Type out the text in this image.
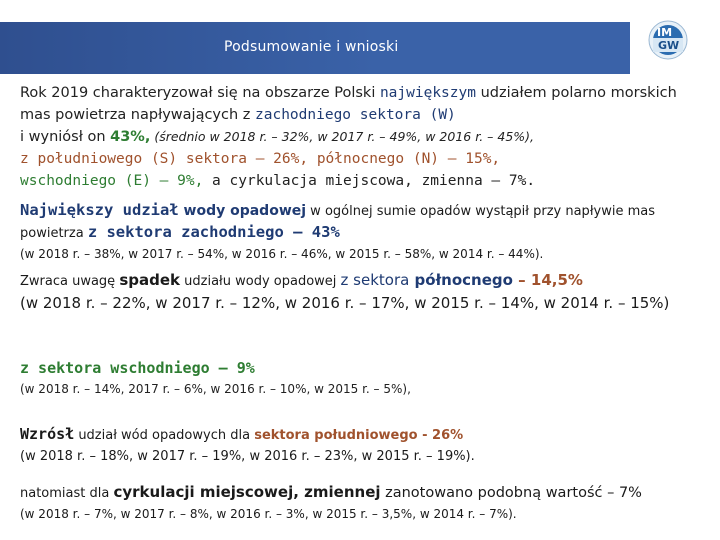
Podsumowanie i wnioski
IM
GW
Rok 2019 charakteryzował się na obszarze Polski największym udziałem polarno morskich mas powietrza napływających z zachodniego sektora (W)
i wyniósł on 43%, (średnio w 2018 r. – 32%, w 2017 r. – 49%, w 2016 r. – 45%),
z południowego (S) sektora – 26%, północnego (N) – 15%,
wschodniego (E) – 9%, a cyrkulacja miejscowa, zmienna – 7%.
Największy udział wody opadowej w ogólnej sumie opadów wystąpił przy napływie mas powietrza z sektora zachodniego – 43%
(w 2018 r. – 38%, w 2017 r. – 54%, w 2016 r. – 46%, w 2015 r. – 58%, w 2014 r. – 44%).
Zwraca uwagę spadek udziału wody opadowej z sektora północnego – 14,5%
(w 2018 r. – 22%, w 2017 r. – 12%, w 2016 r. – 17%, w 2015 r. – 14%, w 2014 r. – 15%)
z sektora wschodniego – 9%
(w 2018 r. – 14%, 2017 r. – 6%, w 2016 r. – 10%, w 2015 r. – 5%),
Wzrósł udział wód opadowych dla sektora południowego - 26%
(w 2018 r. – 18%, w 2017 r. – 19%, w 2016 r. – 23%, w 2015 r. – 19%).
natomiast dla cyrkulacji miejscowej, zmiennej zanotowano podobną wartość – 7%
(w 2018 r. – 7%, w 2017 r. – 8%, w 2016 r. – 3%, w 2015 r. – 3,5%, w 2014 r. – 7%).
